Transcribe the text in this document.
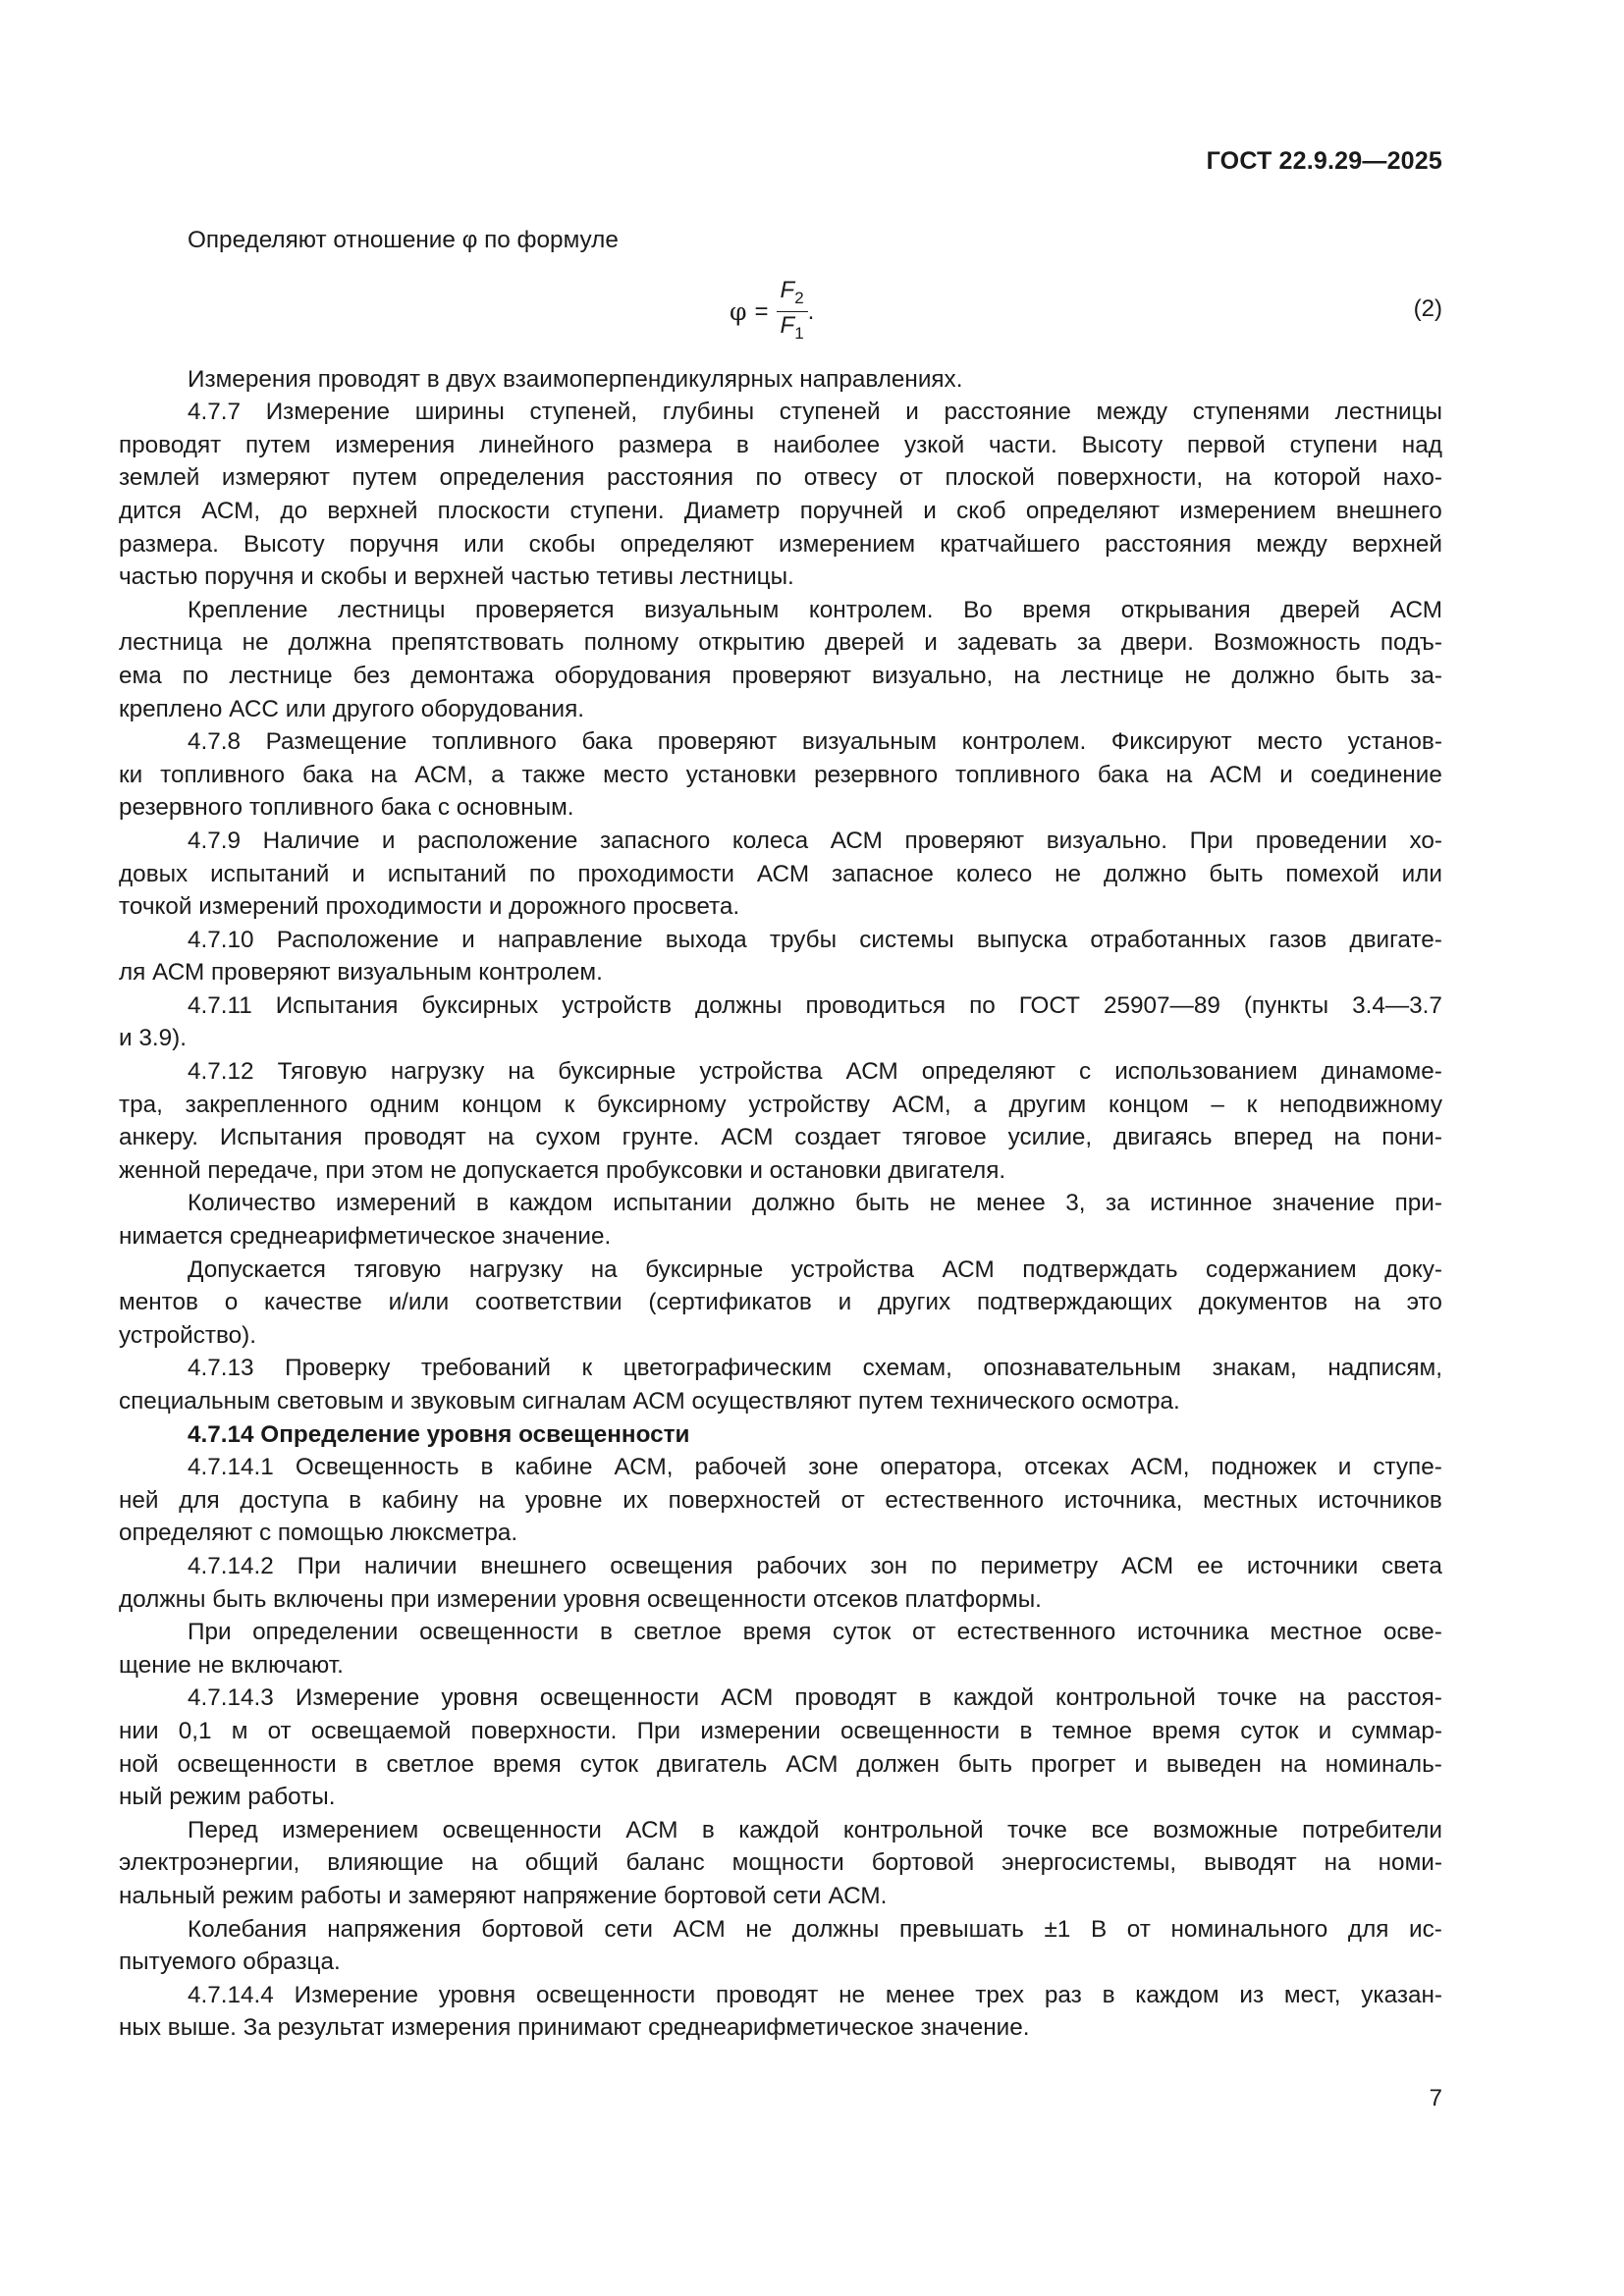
ГОСТ 22.9.29—2025
Определяют отношение φ по формуле
$\varphi = \frac{F_2}{F_1}$ .	(2)
Измерения проводят в двух взаимоперпендикулярных направлениях.
4.7.7 Измерение ширины ступеней, глубины ступеней и расстояние между ступенями лестницы
проводят путем измерения линейного размера в наиболее узкой части. Высоту первой ступени над
землей измеряют путем определения расстояния по отвесу от плоской поверхности, на которой нахо-
дится АСМ, до верхней плоскости ступени. Диаметр поручней и скоб определяют измерением внешнего
размера. Высоту поручня или скобы определяют измерением кратчайшего расстояния между верхней
частью поручня и скобы и верхней частью тетивы лестницы.
Крепление лестницы проверяется визуальным контролем. Во время открывания дверей АСМ
лестница не должна препятствовать полному открытию дверей и задевать за двери. Возможность подъ-
ема по лестнице без демонтажа оборудования проверяют визуально, на лестнице не должно быть за-
креплено АСС или другого оборудования.
4.7.8 Размещение топливного бака проверяют визуальным контролем. Фиксируют место установ-
ки топливного бака на АСМ, а также место установки резервного топливного бака на АСМ и соединение
резервного топливного бака с основным.
4.7.9 Наличие и расположение запасного колеса АСМ проверяют визуально. При проведении хо-
довых испытаний и испытаний по проходимости АСМ запасное колесо не должно быть помехой или
точкой измерений проходимости и дорожного просвета.
4.7.10 Расположение и направление выхода трубы системы выпуска отработанных газов двигате-
ля АСМ проверяют визуальным контролем.
4.7.11 Испытания буксирных устройств должны проводиться по ГОСТ 25907—89 (пункты 3.4—3.7
и 3.9).
4.7.12 Тяговую нагрузку на буксирные устройства АСМ определяют с использованием динамоме-
тра, закрепленного одним концом к буксирному устройству АСМ, а другим концом – к неподвижному
анкеру. Испытания проводят на сухом грунте. АСМ создает тяговое усилие, двигаясь вперед на пони-
женной передаче, при этом не допускается пробуксовки и остановки двигателя.
Количество измерений в каждом испытании должно быть не менее 3, за истинное значение при-
нимается среднеарифметическое значение.
Допускается тяговую нагрузку на буксирные устройства АСМ подтверждать содержанием доку-
ментов о качестве и/или соответствии (сертификатов и других подтверждающих документов на это
устройство).
4.7.13 Проверку требований к цветографическим схемам, опознавательным знакам, надписям,
специальным световым и звуковым сигналам АСМ осуществляют путем технического осмотра.
4.7.14 Определение уровня освещенности
4.7.14.1 Освещенность в кабине АСМ, рабочей зоне оператора, отсеках АСМ, подножек и ступе-
ней для доступа в кабину на уровне их поверхностей от естественного источника, местных источников
определяют с помощью люксметра.
4.7.14.2 При наличии внешнего освещения рабочих зон по периметру АСМ ее источники света
должны быть включены при измерении уровня освещенности отсеков платформы.
При определении освещенности в светлое время суток от естественного источника местное осве-
щение не включают.
4.7.14.3 Измерение уровня освещенности АСМ проводят в каждой контрольной точке на расстоя-
нии 0,1 м от освещаемой поверхности. При измерении освещенности в темное время суток и суммар-
ной освещенности в светлое время суток двигатель АСМ должен быть прогрет и выведен на номиналь-
ный режим работы.
Перед измерением освещенности АСМ в каждой контрольной точке все возможные потребители
электроэнергии, влияющие на общий баланс мощности бортовой энергосистемы, выводят на номи-
нальный режим работы и замеряют напряжение бортовой сети АСМ.
Колебания напряжения бортовой сети АСМ не должны превышать ±1 В от номинального для ис-
пытуемого образца.
4.7.14.4 Измерение уровня освещенности проводят не менее трех раз в каждом из мест, указан-
ных выше. За результат измерения принимают среднеарифметическое значение.
7
